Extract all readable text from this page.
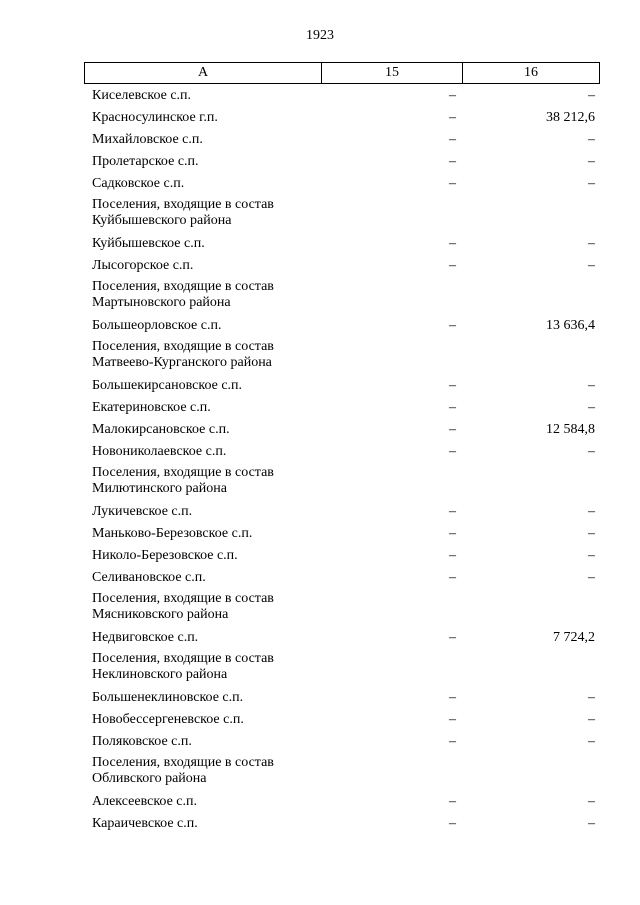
1923
А	15	16
Киселевское с.п.	–	–
Красносулинское г.п.	–	38 212,6
Михайловское с.п.	–	–
Пролетарское с.п.	–	–
Садковское с.п.	–	–
Поселения, входящие в состав Куйбышевского района
Куйбышевское с.п.	–	–
Лысогорское с.п.	–	–
Поселения, входящие в состав Мартыновского района
Большеорловское с.п.	–	13 636,4
Поселения, входящие в состав Матвеево-Курганского района
Большекирсановское с.п.	–	–
Екатериновское с.п.	–	–
Малокирсановское с.п.	–	12 584,8
Новониколаевское с.п.	–	–
Поселения, входящие в состав Милютинского района
Лукичевское с.п.	–	–
Маньково-Березовское с.п.	–	–
Николо-Березовское с.п.	–	–
Селивановское с.п.	–	–
Поселения, входящие в состав Мясниковского района
Недвиговское с.п.	–	7 724,2
Поселения, входящие в состав Неклиновского района
Большенеклиновское с.п.	–	–
Новобессергеневское с.п.	–	–
Поляковское с.п.	–	–
Поселения, входящие в состав Обливского района
Алексеевское с.п.	–	–
Караичевское с.п.	–	–
